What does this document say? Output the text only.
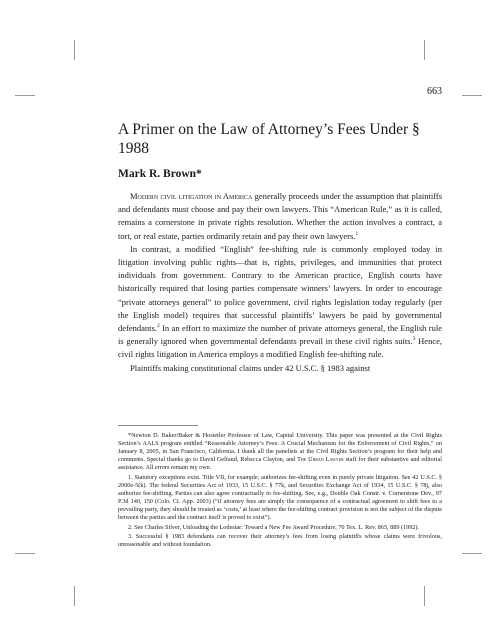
663
A Primer on the Law of Attorney’s Fees Under § 1988
Mark R. Brown*

Modern civil litigation in America generally proceeds under the assumption that plaintiffs and defendants must choose and pay their own lawyers. This “American Rule,” as it is called, remains a cornerstone in private rights resolution. Whether the action involves a contract, a tort, or real estate, parties ordinarily retain and pay their own lawyers.$^1$

In contrast, a modified “English” fee-shifting rule is commonly employed today in litigation involving public rights—that is, rights, privileges, and immunities that protect individuals from government. Contrary to the American practice, English courts have historically required that losing parties compensate winners’ lawyers. In order to encourage “private attorneys general” to police government, civil rights legislation today regularly (per the English model) requires that successful plaintiffs’ lawyers be paid by governmental defendants.$^2$ In an effort to maximize the number of private attorneys general, the English rule is generally ignored when governmental defendants prevail in these civil rights suits.$^3$ Hence, civil rights litigation in America employs a modified English fee-shifting rule.

Plaintiffs making constitutional claims under 42 U.S.C. § 1983 against

*Newton D. Baker/Baker & Hostetler Professor of Law, Capital University. This paper was presented at the Civil Rights Section’s AALS program entitled “Reasonable Attorney’s Fees: A Crucial Mechanism for the Enforcement of Civil Rights,” on January 8, 2005, in San Francisco, California. I thank all the panelists at the Civil Rights Section’s program for their help and comments. Special thanks go to David Gelfand, Rebecca Clayton, and The Urban Lawyer staff for their substantive and editorial assistance. All errors remain my own.

1. Statutory exceptions exist. Title VII, for example, authorizes fee-shifting even in purely private litigation. See 42 U.S.C. § 2000e-5(k). The federal Securities Act of 1933, 15 U.S.C. § 77k, and Securities Exchange Act of 1934, 15 U.S.C. § 78j, also authorize fee-shifting. Parties can also agree contractually to fee-shifting. See, e.g., Double Oak Constr. v. Cornerstone Dev., 97 P.3d 140, 150 (Colo. Ct. App. 2003) (“if attorney fees are simply the consequence of a contractual agreement to shift fees to a prevailing party, they should be treated as ‘costs,’ at least where the fee-shifting contract provision is not the subject of the dispute between the parties and the contract itself is proved to exist”).

2. See Charles Silver, Unloading the Lodestar: Toward a New Fee Award Procedure, 70 Tex. L. Rev. 865, 889 (1992).

3. Successful § 1983 defendants can recover their attorney’s fees from losing plaintiffs whose claims were frivolous, unreasonable and without foundation.
